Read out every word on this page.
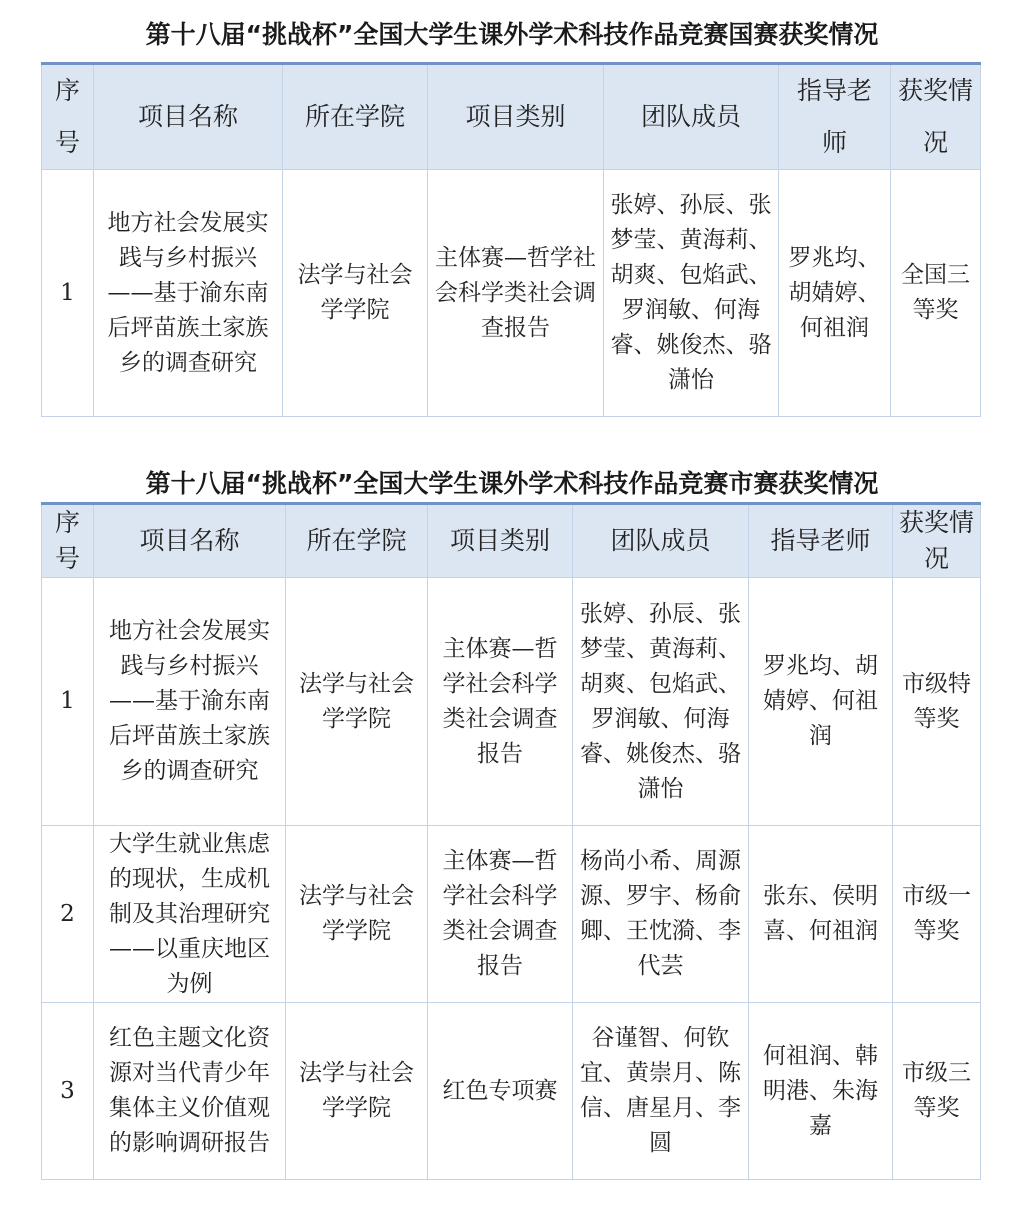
第十八届“挑战杯”全国大学生课外学术科技作品竞赛国赛获奖情况
序号	项目名称	所在学院	项目类别	团队成员	指导老师	获奖情况

1	地方社会发展实践与乡村振兴——基于渝东南后坪苗族土家族乡的调查研究	法学与社会学学院	主体赛—哲学社会科学类社会调查报告	张婷、孙辰、张梦莹、黄海莉、胡爽、包焰武、罗润敏、何海睿、姚俊杰、骆潇怡	罗兆均、胡婧婷、何祖润	全国三等奖
第十八届“挑战杯”全国大学生课外学术科技作品竞赛市赛获奖情况
序号	项目名称	所在学院	项目类别	团队成员	指导老师	获奖情况

1	地方社会发展实践与乡村振兴——基于渝东南后坪苗族土家族乡的调查研究	法学与社会学学院	主体赛—哲学社会科学类社会调查报告	张婷、孙辰、张梦莹、黄海莉、胡爽、包焰武、罗润敏、何海睿、姚俊杰、骆潇怡	罗兆均、胡婧婷、何祖润	市级特等奖

2	大学生就业焦虑的现状，生成机制及其治理研究——以重庆地区为例	法学与社会学学院	主体赛—哲学社会科学类社会调查报告	杨尚小希、周源源、罗宇、杨俞卿、王忱漪、李代芸	张东、侯明喜、何祖润	市级一等奖

3	红色主题文化资源对当代青少年集体主义价值观的影响调研报告	法学与社会学学院	红色专项赛	谷谨智、何钦宜、黄崇月、陈信、唐星月、李圆	何祖润、韩明港、朱海嘉	市级三等奖
